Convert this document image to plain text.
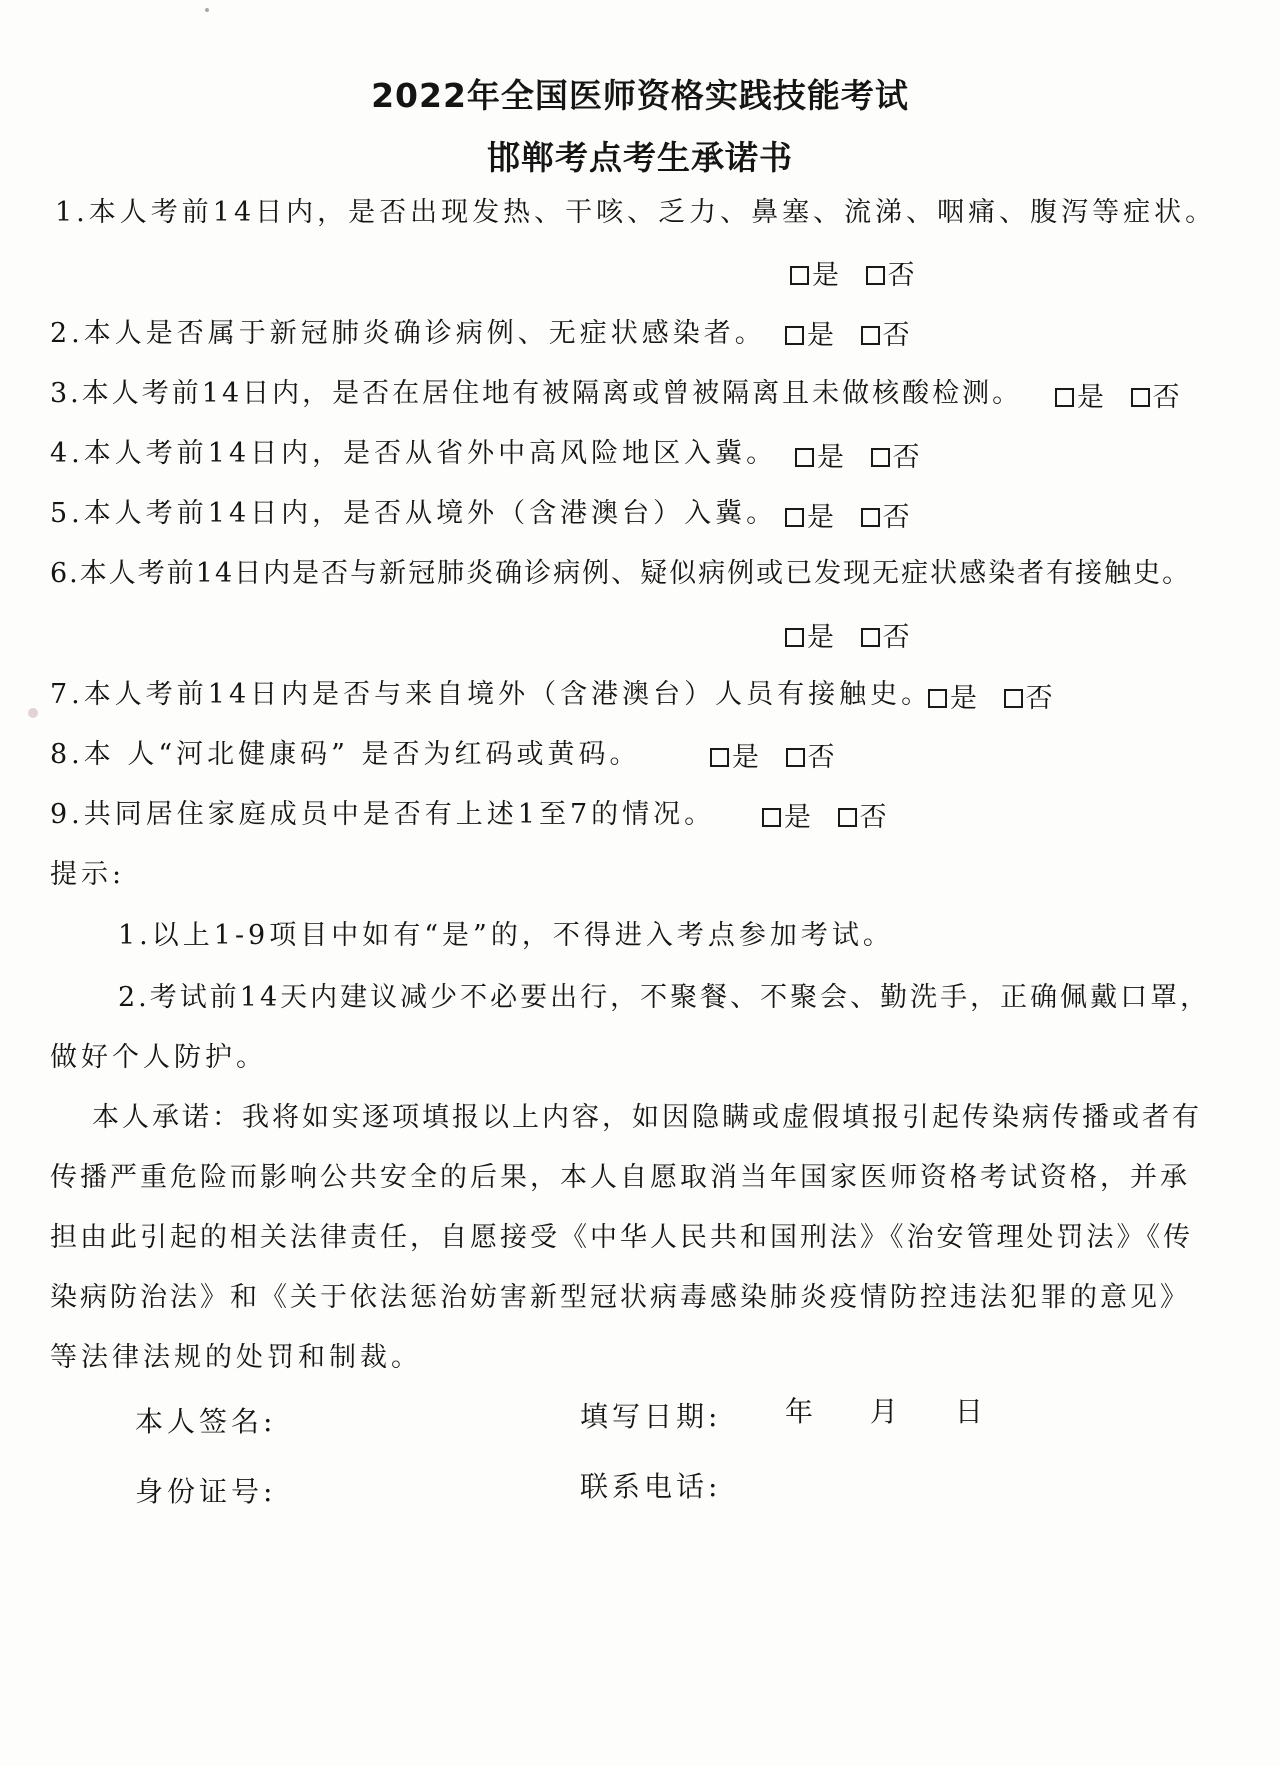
2022年全国医师资格实践技能考试
邯郸考点考生承诺书
1.本人考前14日内，是否出现发热、干咳、乏力、鼻塞、流涕、咽痛、腹泻等症状。
是 否
2.本人是否属于新冠肺炎确诊病例、无症状感染者。	是 否
3.本人考前14日内，是否在居住地有被隔离或曾被隔离且未做核酸检测。	是 否
4.本人考前14日内，是否从省外中高风险地区入冀。	是 否
5.本人考前14日内，是否从境外（含港澳台）入冀。	是 否
6.本人考前14日内是否与新冠肺炎确诊病例、疑似病例或已发现无症状感染者有接触史。
是 否
7.本人考前14日内是否与来自境外（含港澳台）人员有接触史。 是 否
8.本 人“河北健康码” 是否为红码或黄码。	是 否
9.共同居住家庭成员中是否有上述1至7的情况。	是 否
提示:
1.以上1-9项目中如有“是”的，不得进入考点参加考试。
2.考试前14天内建议减少不必要出行，不聚餐、不聚会、勤洗手，正确佩戴口罩，
做好个人防护。
本人承诺：我将如实逐项填报以上内容，如因隐瞒或虚假填报引起传染病传播或者有
传播严重危险而影响公共安全的后果，本人自愿取消当年国家医师资格考试资格，并承
担由此引起的相关法律责任，自愿接受《中华人民共和国刑法》《治安管理处罚法》《传
染病防治法》和《关于依法惩治妨害新型冠状病毒感染肺炎疫情防控违法犯罪的意见》
等法律法规的处罚和制裁。
本人签名:	填写日期: 年 月 日
身份证号:	联系电话:
